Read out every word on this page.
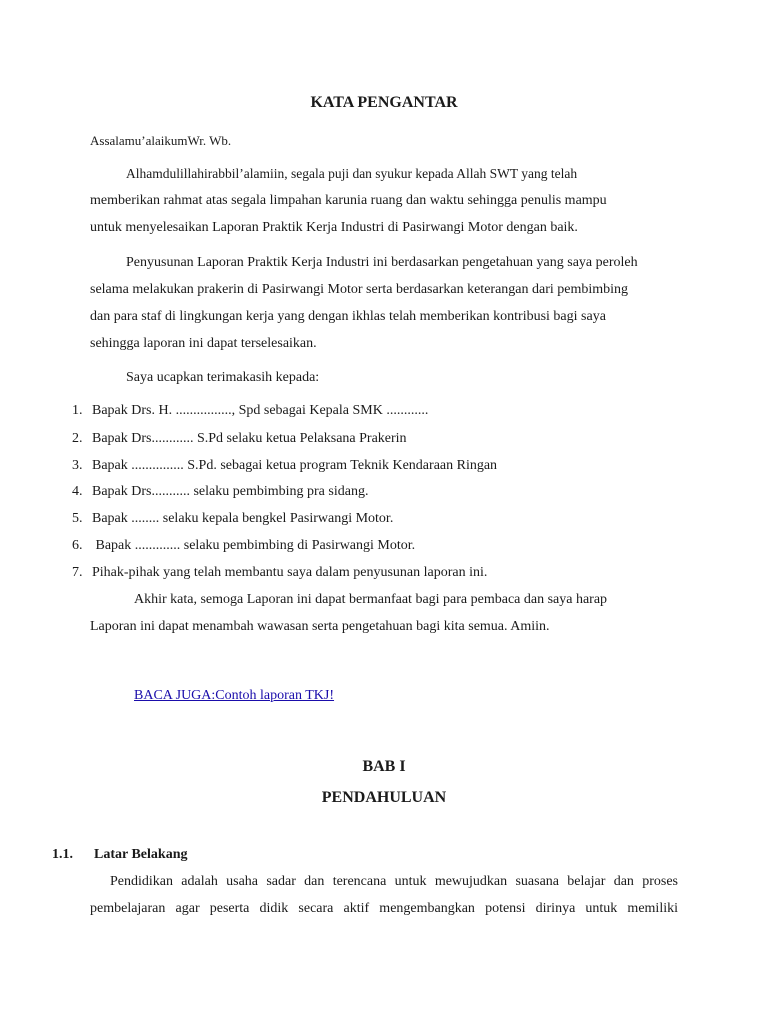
KATA PENGANTAR
Assalamu’alaikumWr. Wb.
Alhamdulillahirabbil’alamiin, segala puji dan syukur kepada Allah SWT yang telah
memberikan rahmat atas segala limpahan karunia ruang dan waktu sehingga penulis mampu
untuk menyelesaikan Laporan Praktik Kerja Industri di Pasirwangi Motor dengan baik.
Penyusunan Laporan Praktik Kerja Industri ini berdasarkan pengetahuan yang saya peroleh
selama melakukan prakerin di Pasirwangi Motor serta berdasarkan keterangan dari pembimbing
dan para staf di lingkungan kerja yang dengan ikhlas telah memberikan kontribusi bagi saya
sehingga laporan ini dapat terselesaikan.
Saya ucapkan terimakasih kepada:
1. Bapak Drs. H. ................, Spd sebagai Kepala SMK ............
2. Bapak Drs............ S.Pd selaku ketua Pelaksana Prakerin
3. Bapak ............... S.Pd. sebagai ketua program Teknik Kendaraan Ringan
4. Bapak Drs........... selaku pembimbing pra sidang.
5. Bapak ........ selaku kepala bengkel Pasirwangi Motor.
6. Bapak ............. selaku pembimbing di Pasirwangi Motor.
7. Pihak-pihak yang telah membantu saya dalam penyusunan laporan ini.
Akhir kata, semoga Laporan ini dapat bermanfaat bagi para pembaca dan saya harap
Laporan ini dapat menambah wawasan serta pengetahuan bagi kita semua. Amiin.
BACA JUGA:Contoh laporan TKJ!
BAB I
PENDAHULUAN
1.1. Latar Belakang
Pendidikan adalah usaha sadar dan terencana untuk mewujudkan suasana belajar dan proses
pembelajaran agar peserta didik secara aktif mengembangkan potensi dirinya untuk memiliki
